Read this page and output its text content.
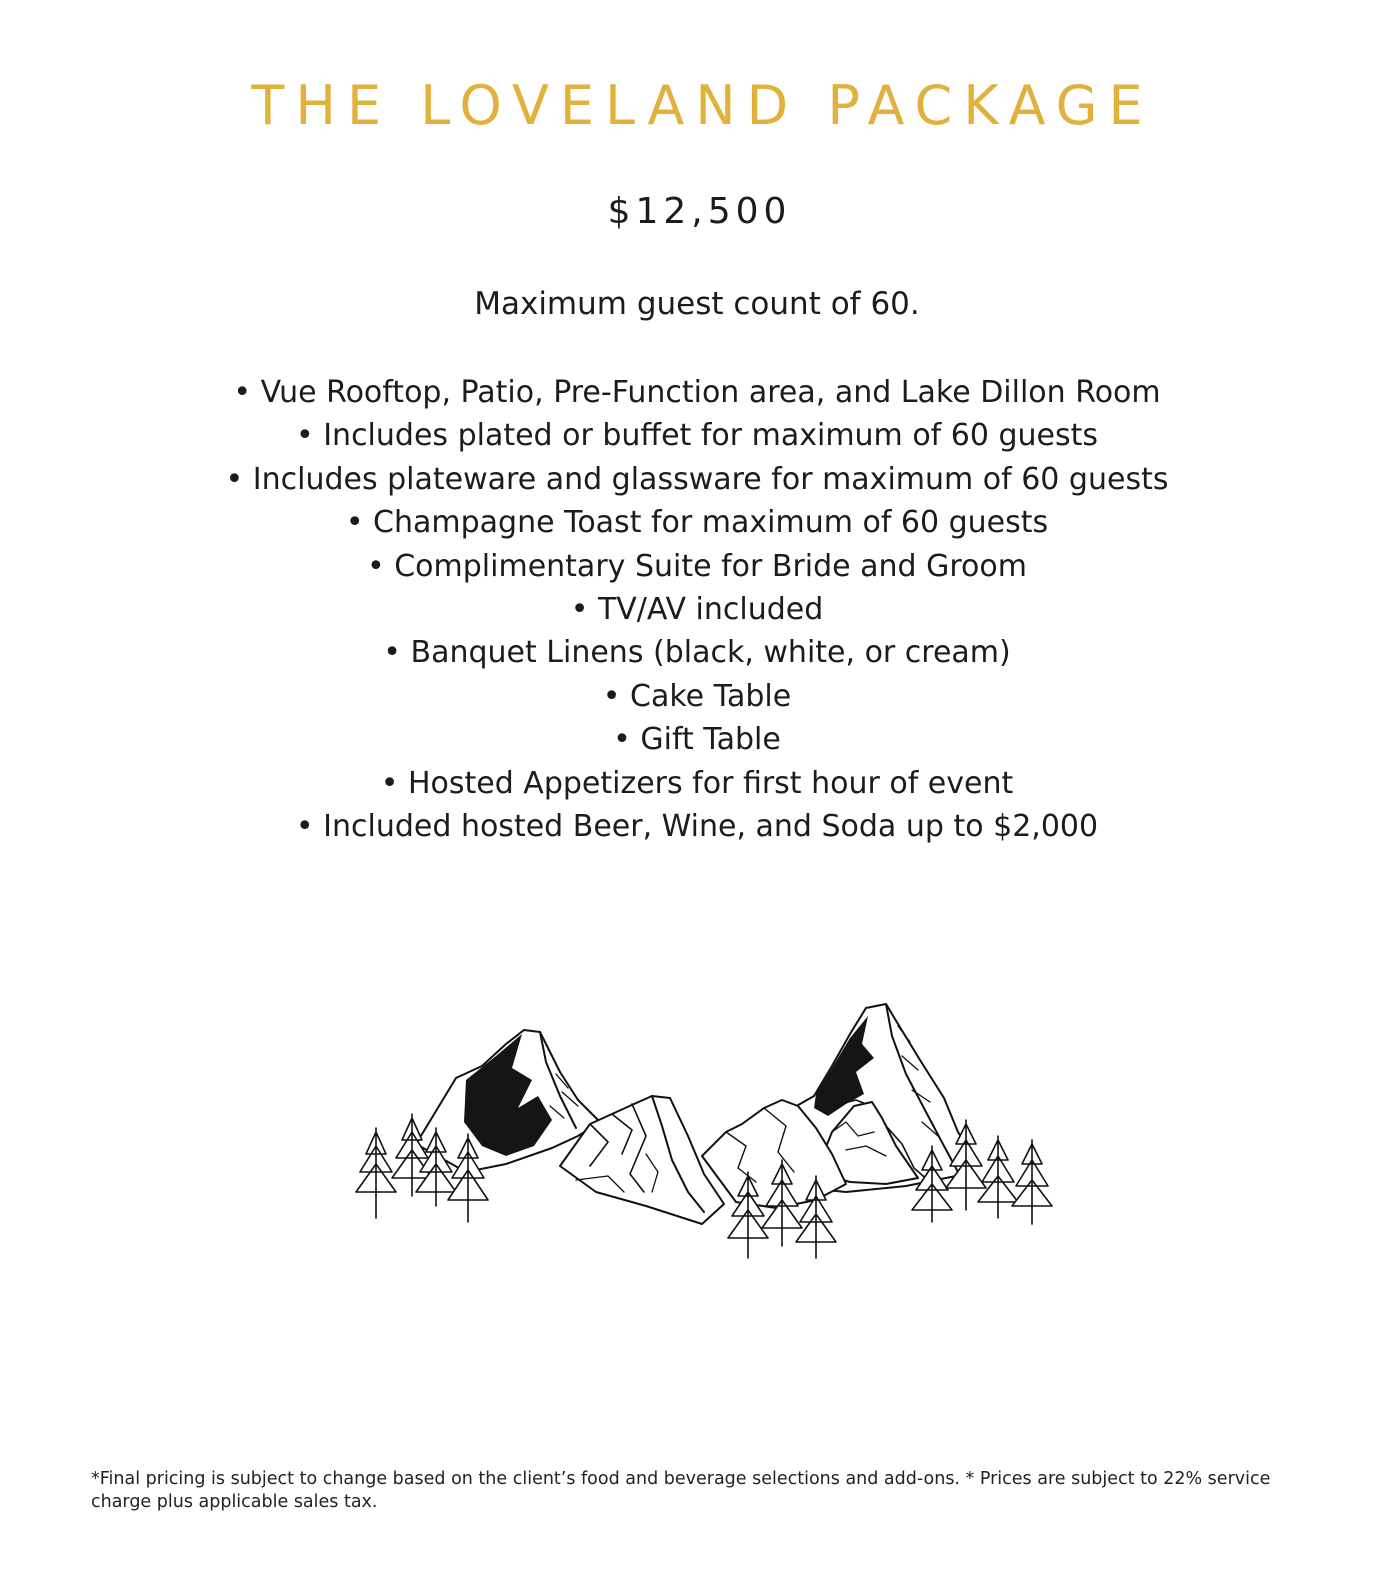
THE LOVELAND PACKAGE
$12,500
Maximum guest count of 60.
• Vue Rooftop, Patio, Pre-Function area, and Lake Dillon Room
• Includes plated or buffet for maximum of 60 guests
• Includes plateware and glassware for maximum of 60 guests
• Champagne Toast for maximum of 60 guests
• Complimentary Suite for Bride and Groom
• TV/AV included
• Banquet Linens (black, white, or cream)
• Cake Table
• Gift Table
• Hosted Appetizers for first hour of event
• Included hosted Beer, Wine, and Soda up to $2,000
*Final pricing is subject to change based on the client’s food and beverage selections and add-ons. * Prices are subject to 22% service charge plus applicable sales tax.
